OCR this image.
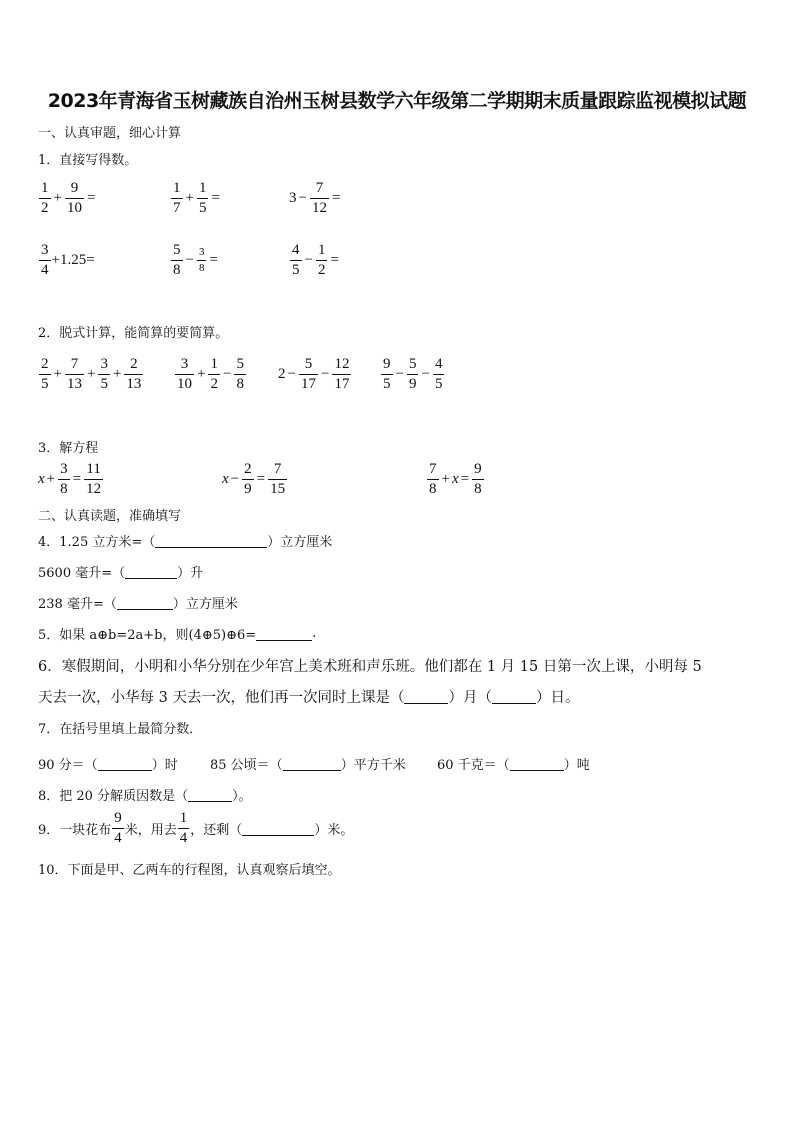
2023年青海省玉树藏族自治州玉树县数学六年级第二学期期末质量跟踪监视模拟试题
一、认真审题，细心计算
1．直接写得数。
$\frac{1}{2} + \frac{9}{10}$ =	$\frac{1}{7} + \frac{1}{5}$ =	$3 - \frac{7}{12}$ =
$\frac{3}{4} +1.25=$	$\frac{5}{8} - \frac{3}{8}$ =	$\frac{4}{5} - \frac{1}{2}$ =
2．脱式计算，能简算的要简算。
$\frac{2}{5} + \frac{7}{13} + \frac{3}{5} + \frac{2}{13} \frac{3}{10} + \frac{1}{2} - \frac{5}{8} 2 - \frac{5}{17} - \frac{12}{17} \frac{9}{5} - \frac{5}{9} - \frac{4}{5}$
3．解方程
$x + \frac{3}{8} = \frac{11}{12}$	$x - \frac{2}{9} = \frac{7}{15}$	$\frac{7}{8} + x = \frac{9}{8}$
二、认真读题，准确填写
4．1.25 立方米=（	）立方厘米
5600 毫升=（	）升
238 毫升=（	）立方厘米
5．如果 a⊕b=2a+b，则(4⊕5)⊕6=	.
6．寒假期间，小明和小华分别在少年宫上美术班和声乐班。他们都在 1 月 15 日第一次上课，小明每 5
天去一次，小华每 3 天去一次，他们再一次同时上课是（	）月（	）日。
7．在括号里填上最简分数．
90 分＝（	）时 85 公顷＝（	）平方千米 60 千克＝（	）吨
8．把 20 分解质因数是（	）。
9．一块花布 $\frac{9}{4}$ 米，用去 $\frac{1}{4}$ ，还剩（	）米。
10．下面是甲、乙两车的行程图，认真观察后填空。
